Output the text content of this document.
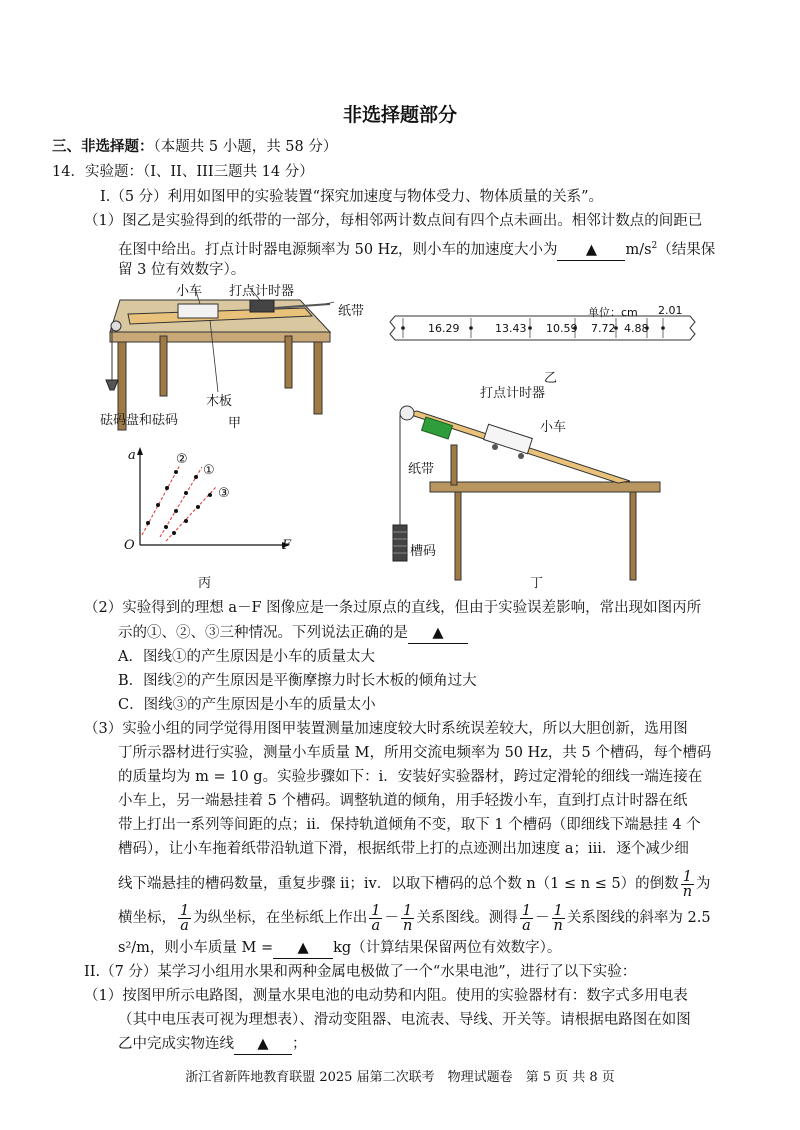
非选择题部分
三、非选择题：（本题共 5 小题，共 58 分）
14．实验题：（I、II、III三题共 14 分）
I.（5 分）利用如图甲的实验装置“探究加速度与物体受力、物体质量的关系”。
（1）图乙是实验得到的纸带的一部分，每相邻两计数点间有四个点未画出。相邻计数点的间距已
在图中给出。打点计时器电源频率为 50 Hz，则小车的加速度大小为 ▲ $m/s^2$（结果保
留 3 位有效数字）。
小车 打点计时器
纸带
木板
砝码盘和砝码	甲
单位：cm
16.29	13.43 10.59 7.72 4.88
2.01
乙
打点计时器
小车
纸带
槽码
丁
a
O	F
②
①
③
丙
（2）实验得到的理想 a－F 图像应是一条过原点的直线，但由于实验误差影响，常出现如图丙所
示的①、②、③三种情况。下列说法正确的是 ▲
A．图线①的产生原因是小车的质量太大
B．图线②的产生原因是平衡摩擦力时长木板的倾角过大
C．图线③的产生原因是小车的质量太小
（3）实验小组的同学觉得用图甲装置测量加速度较大时系统误差较大，所以大胆创新，选用图
丁所示器材进行实验，测量小车质量 M，所用交流电频率为 50 Hz，共 5 个槽码，每个槽码
的质量均为 m = 10 g。实验步骤如下：i．安装好实验器材，跨过定滑轮的细线一端连接在
小车上，另一端悬挂着 5 个槽码。调整轨道的倾角，用手轻拨小车，直到打点计时器在纸
带上打出一系列等间距的点；ii．保持轨道倾角不变，取下 1 个槽码（即细线下端悬挂 4 个
槽码），让小车拖着纸带沿轨道下滑，根据纸带上打的点迹测出加速度 a；iii．逐个减少细
线下端悬挂的槽码数量，重复步骤 ii；iv．以取下槽码的总个数 n（1 ≤ n ≤ 5）的倒数 $\frac{1}{n}$ 为
横坐标， $\frac{1}{a}$ 为纵坐标，在坐标纸上作出 $\frac{1}{a} - \frac{1}{n}$ 关系图线。测得 $\frac{1}{a} - \frac{1}{n}$ 关系图线的斜率为 2.5
s²/m，则小车质量 M = ▲ kg（计算结果保留两位有效数字）。
II.（7 分）某学习小组用水果和两种金属电极做了一个“水果电池”，进行了以下实验：
（1）按图甲所示电路图，测量水果电池的电动势和内阻。使用的实验器材有：数字式多用电表
（其中电压表可视为理想表）、滑动变阻器、电流表、导线、开关等。请根据电路图在如图
乙中完成实物连线 ▲ ；
浙江省新阵地教育联盟 2025 届第二次联考　物理试题卷　第 5 页 共 8 页
